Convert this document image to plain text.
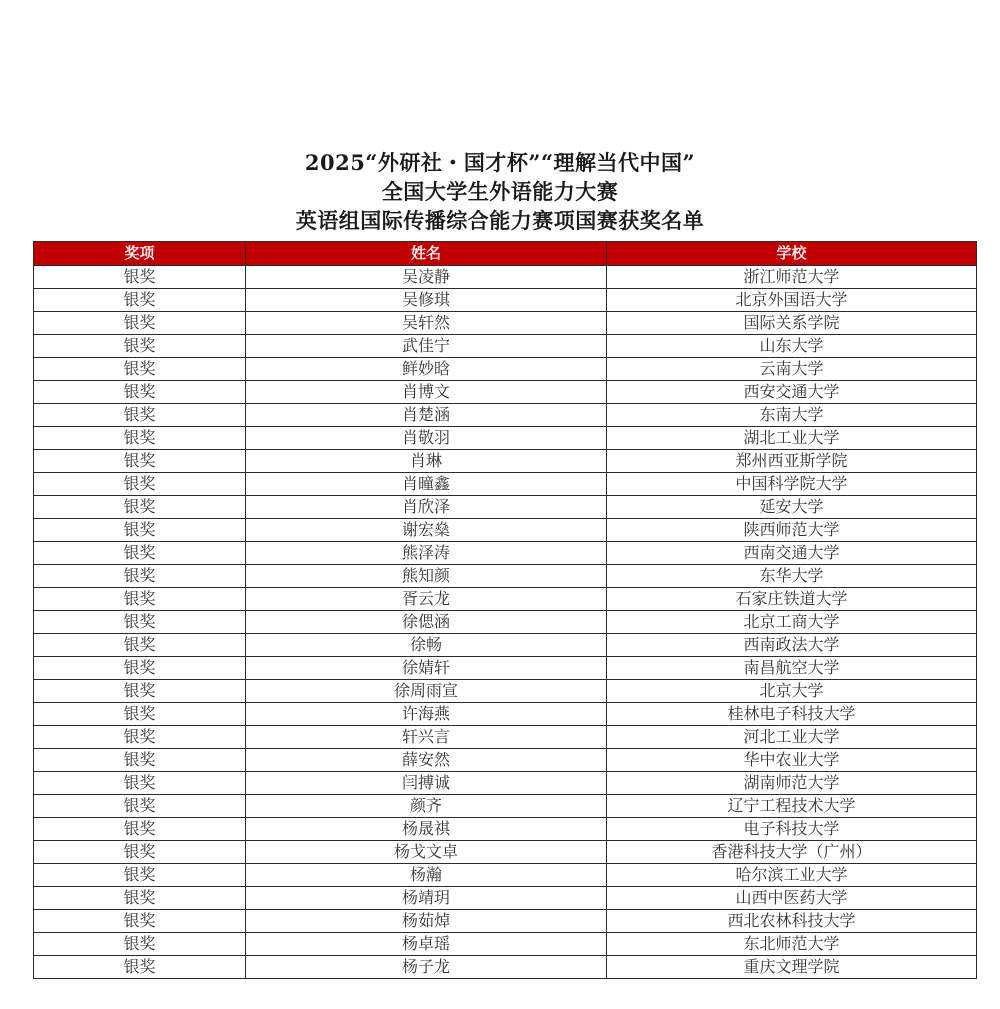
2025“外研社・国才杯”“理解当代中国”
全国大学生外语能力大赛
英语组国际传播综合能力赛项国赛获奖名单
奖项	姓名	学校
银奖	吴凌静	浙江师范大学
银奖	吴修琪	北京外国语大学
银奖	吴轩然	国际关系学院
银奖	武佳宁	山东大学
银奖	鲜妙晗	云南大学
银奖	肖博文	西安交通大学
银奖	肖楚涵	东南大学
银奖	肖敬羽	湖北工业大学
银奖	肖琳	郑州西亚斯学院
银奖	肖曈鑫	中国科学院大学
银奖	肖欣泽	延安大学
银奖	谢宏燊	陕西师范大学
银奖	熊泽涛	西南交通大学
银奖	熊知颜	东华大学
银奖	胥云龙	石家庄铁道大学
银奖	徐偲涵	北京工商大学
银奖	徐畅	西南政法大学
银奖	徐婧轩	南昌航空大学
银奖	徐周雨宣	北京大学
银奖	许海燕	桂林电子科技大学
银奖	轩兴言	河北工业大学
银奖	薛安然	华中农业大学
银奖	闫搏诚	湖南师范大学
银奖	颜齐	辽宁工程技术大学
银奖	杨晟祺	电子科技大学
银奖	杨戈文卓	香港科技大学（广州）
银奖	杨瀚	哈尔滨工业大学
银奖	杨靖玥	山西中医药大学
银奖	杨茹焯	西北农林科技大学
银奖	杨卓瑶	东北师范大学
银奖	杨子龙	重庆文理学院
